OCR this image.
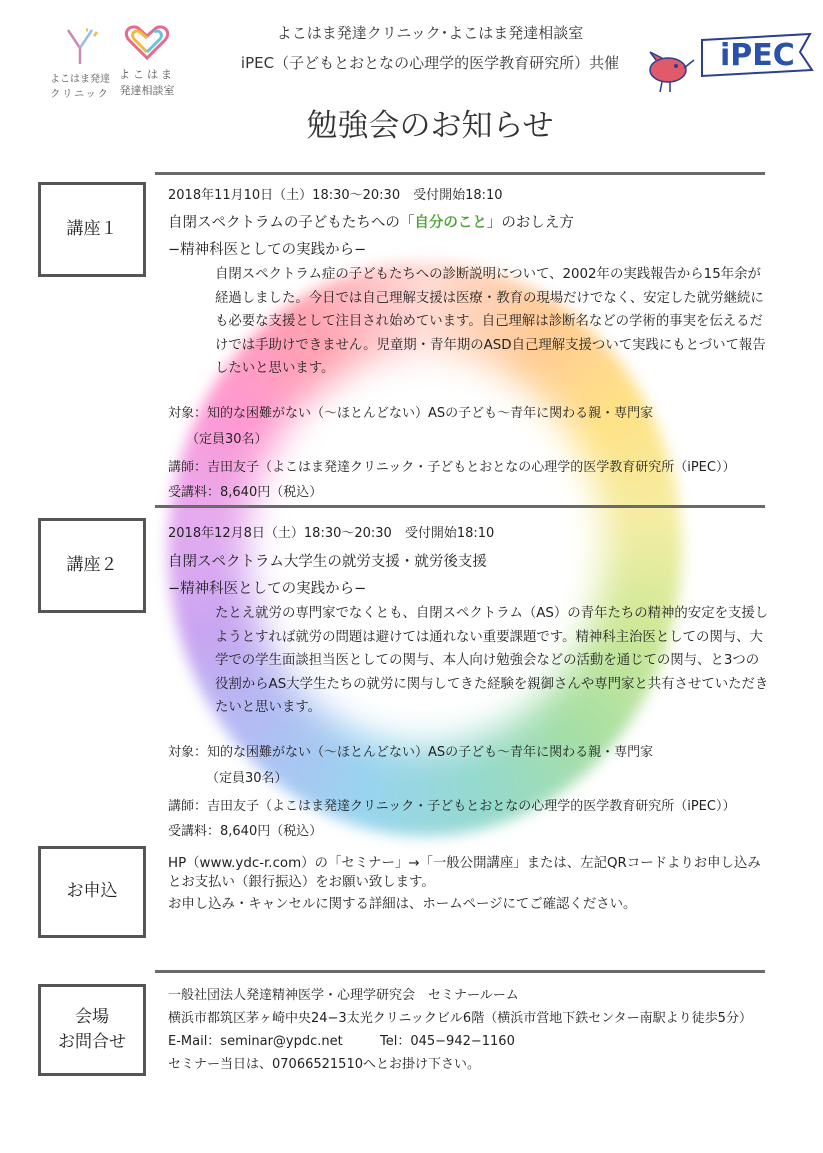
よこはま発達
クリニック
よこはま
発達相談室
iPEC
よこはま発達クリニック･よこはま発達相談室
iPEC（子どもとおとなの心理学的医学教育研究所）共催
勉強会のお知らせ
講座１
2018年11月10日（土）18:30〜20:30　受付開始18:10
自閉スペクトラムの子どもたちへの「自分のこと」のおしえ方
−精神科医としての実践から−
自閉スペクトラム症の子どもたちへの診断説明について、2002年の実践報告から15年余が経過しました。今日では自己理解支援は医療・教育の現場だけでなく、安定した就労継続にも必要な支援として注目され始めています。自己理解は診断名などの学術的事実を伝えるだけでは手助けできません。児童期・青年期のASD自己理解支援ついて実践にもとづいて報告したいと思います。
対象：知的な困難がない（〜ほとんどない）ASの子ども〜青年に関わる親・専門家
（定員30名）
講師：吉田友子（よこはま発達クリニック・子どもとおとなの心理学的医学教育研究所（iPEC））
受講料：8,640円（税込）
講座２
2018年12月8日（土）18:30〜20:30　受付開始18:10
自閉スペクトラム大学生の就労支援・就労後支援
−精神科医としての実践から−
たとえ就労の専門家でなくとも、自閉スペクトラム（AS）の青年たちの精神的安定を支援しようとすれば就労の問題は避けては通れない重要課題です。精神科主治医としての関与、大学での学生面談担当医としての関与、本人向け勉強会などの活動を通じての関与、と3つの役割からAS大学生たちの就労に関与してきた経験を親御さんや専門家と共有させていただきたいと思います。
対象：知的な困難がない（〜ほとんどない）ASの子ども〜青年に関わる親・専門家
（定員30名）
講師：吉田友子（よこはま発達クリニック・子どもとおとなの心理学的医学教育研究所（iPEC））
受講料：8,640円（税込）
お申込
HP（www.ydc-r.com）の「セミナー」→「一般公開講座」または、左記QRコードよりお申し込みとお支払い（銀行振込）をお願い致します。
お申し込み・キャンセルに関する詳細は、ホームページにてご確認ください。
会場
お問合せ
一般社団法人発達精神医学・心理学研究会　セミナールーム
横浜市都筑区茅ヶ崎中央24−3太光クリニックビル6階（横浜市営地下鉄センター南駅より徒歩5分）
E-Mail：seminar@ypdc.net	Tel：045−942−1160
セミナー当日は、07066521510へとお掛け下さい。
